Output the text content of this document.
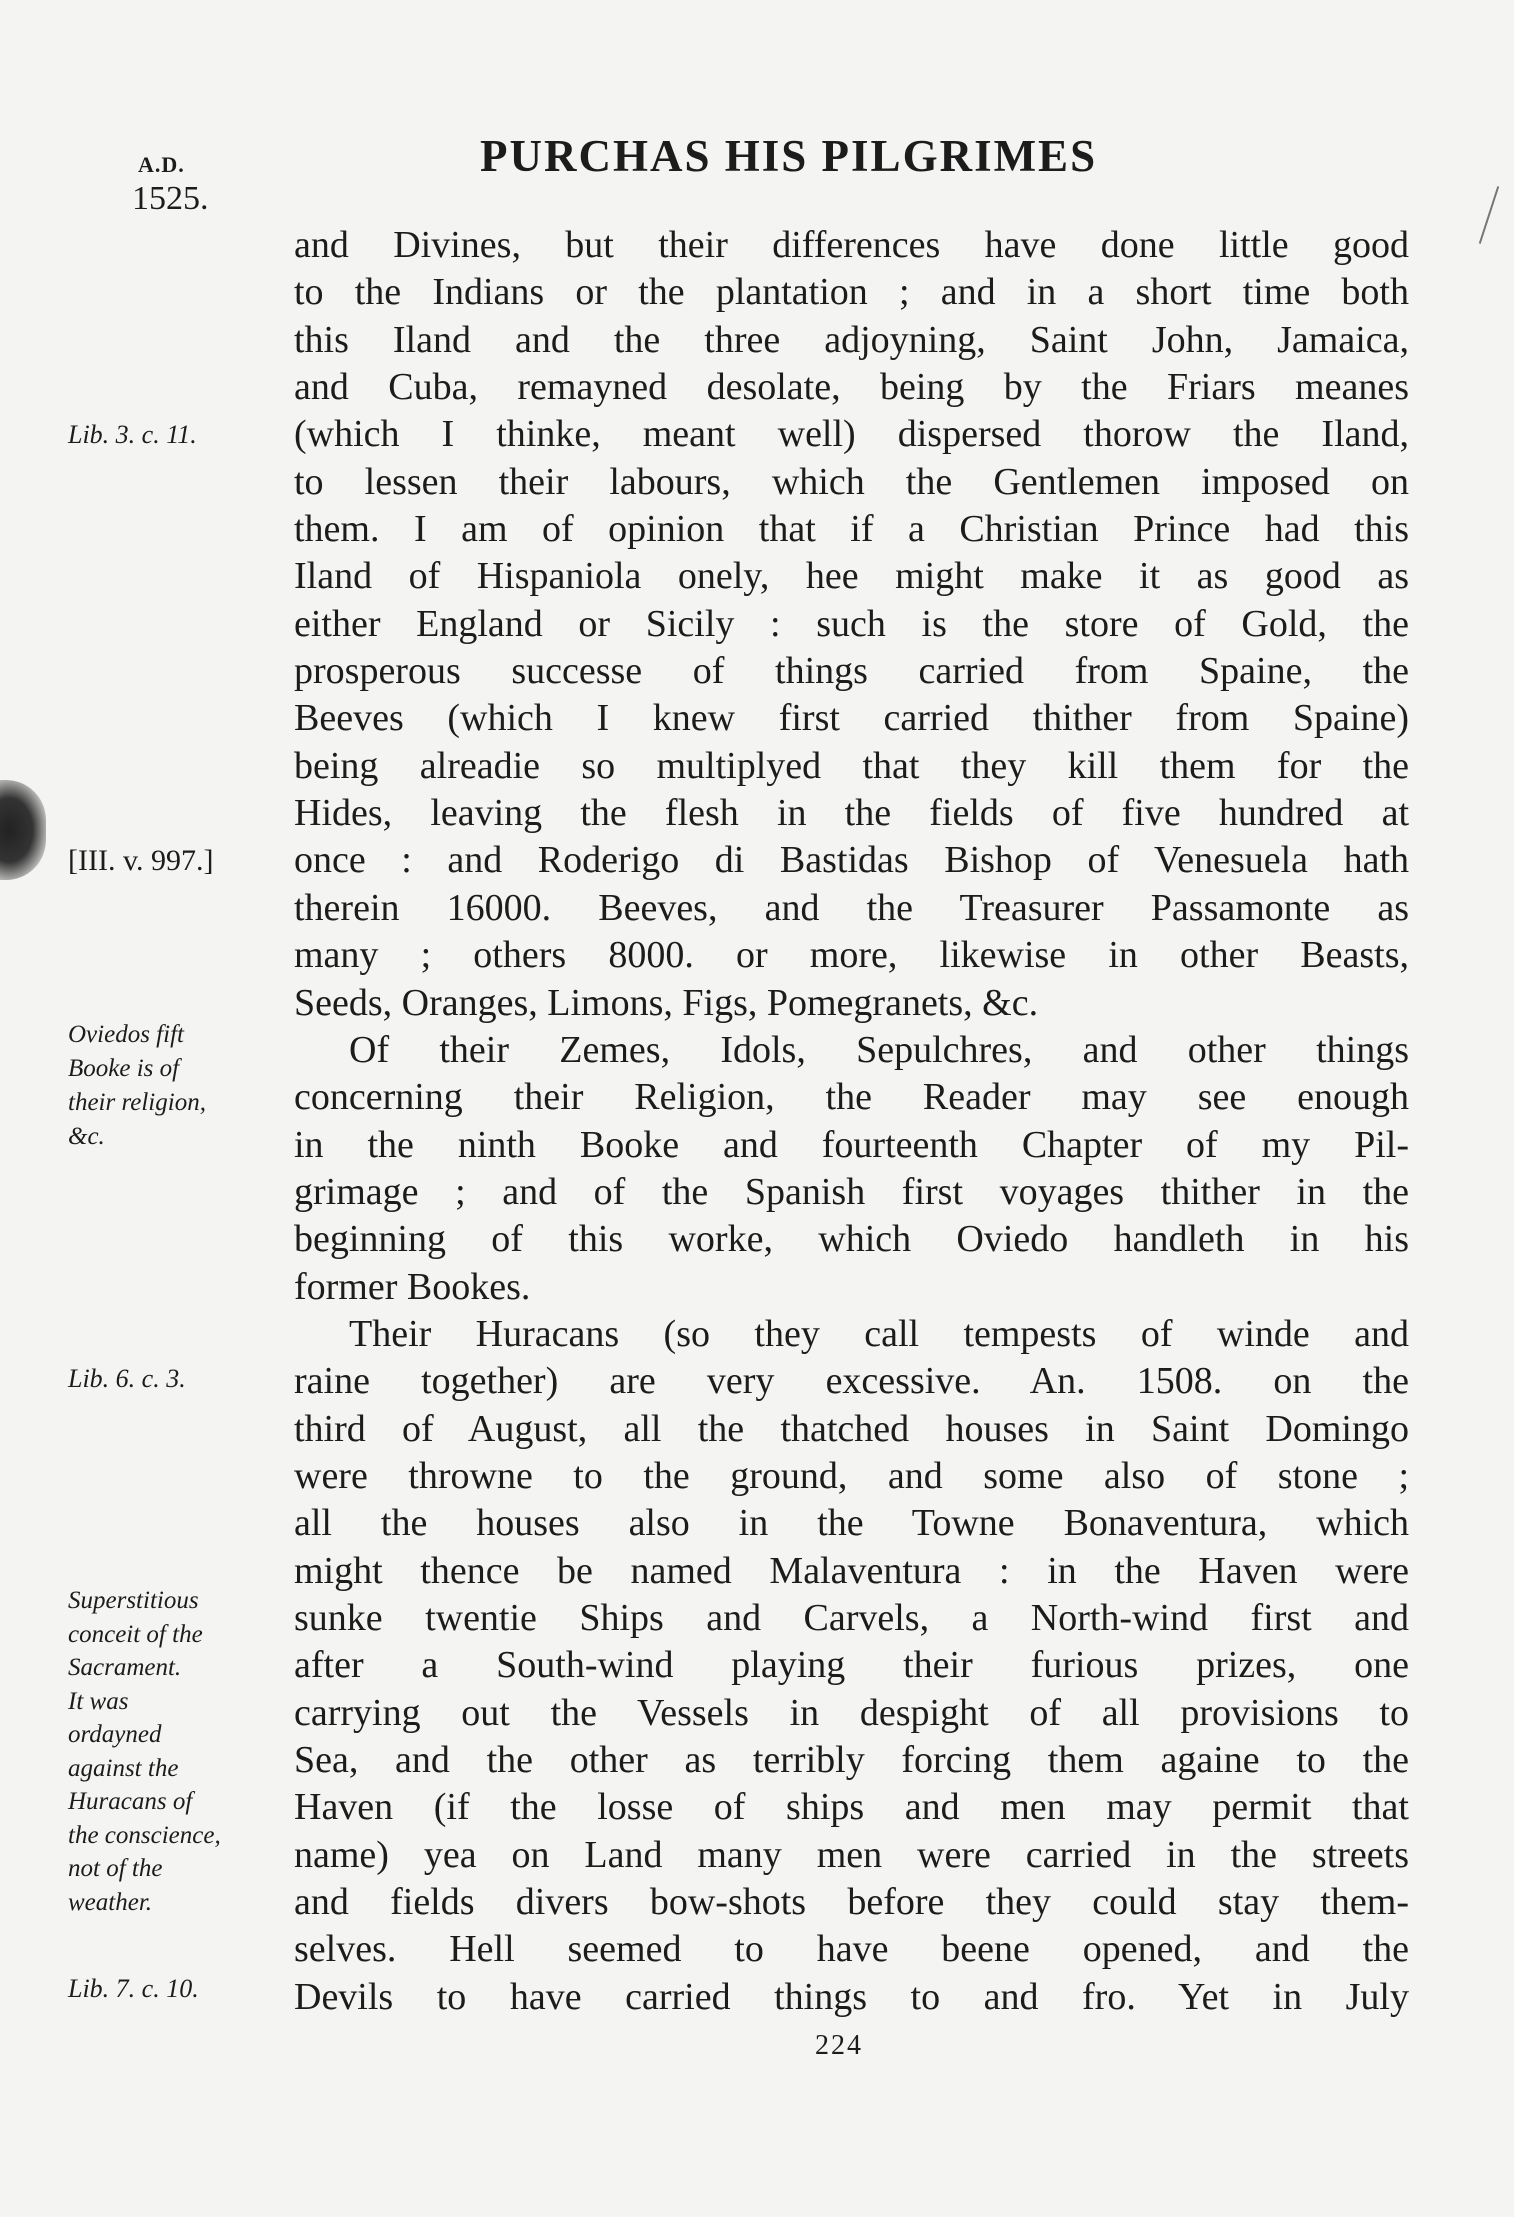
A.D.
1525.
PURCHAS HIS PILGRIMES
and Divines, but their differences have done little good
to the Indians or the plantation ; and in a short time both
this Iland and the three adjoyning, Saint John, Jamaica,
and Cuba, remayned desolate, being by the Friars meanes
(which I thinke, meant well) dispersed thorow the Iland,
to lessen their labours, which the Gentlemen imposed on
them. I am of opinion that if a Christian Prince had this
Iland of Hispaniola onely, hee might make it as good as
either England or Sicily : such is the store of Gold, the
prosperous successe of things carried from Spaine, the
Beeves (which I knew first carried thither from Spaine)
being alreadie so multiplyed that they kill them for the
Hides, leaving the flesh in the fields of five hundred at
once : and Roderigo di Bastidas Bishop of Venesuela hath
therein 16000. Beeves, and the Treasurer Passamonte as
many ; others 8000. or more, likewise in other Beasts,
Seeds, Oranges, Limons, Figs, Pomegranets, &c.
Of their Zemes, Idols, Sepulchres, and other things
concerning their Religion, the Reader may see enough
in the ninth Booke and fourteenth Chapter of my Pil-
grimage ; and of the Spanish first voyages thither in the
beginning of this worke, which Oviedo handleth in his
former Bookes.
Their Huracans (so they call tempests of winde and
raine together) are very excessive. An. 1508. on the
third of August, all the thatched houses in Saint Domingo
were throwne to the ground, and some also of stone ;
all the houses also in the Towne Bonaventura, which
might thence be named Malaventura : in the Haven were
sunke twentie Ships and Carvels, a North-wind first and
after a South-wind playing their furious prizes, one
carrying out the Vessels in despight of all provisions to
Sea, and the other as terribly forcing them againe to the
Haven (if the losse of ships and men may permit that
name) yea on Land many men were carried in the streets
and fields divers bow-shots before they could stay them-
selves. Hell seemed to have beene opened, and the
Devils to have carried things to and fro. Yet in July
Lib. 3. c. 11.
[III. v. 997.]
Oviedos fift
Booke is of
their religion,
&c.
Lib. 6. c. 3.
Superstitious
conceit of the
Sacrament.
It was
ordayned
against the
Huracans of
the conscience,
not of the
weather.
Lib. 7. c. 10.
224
